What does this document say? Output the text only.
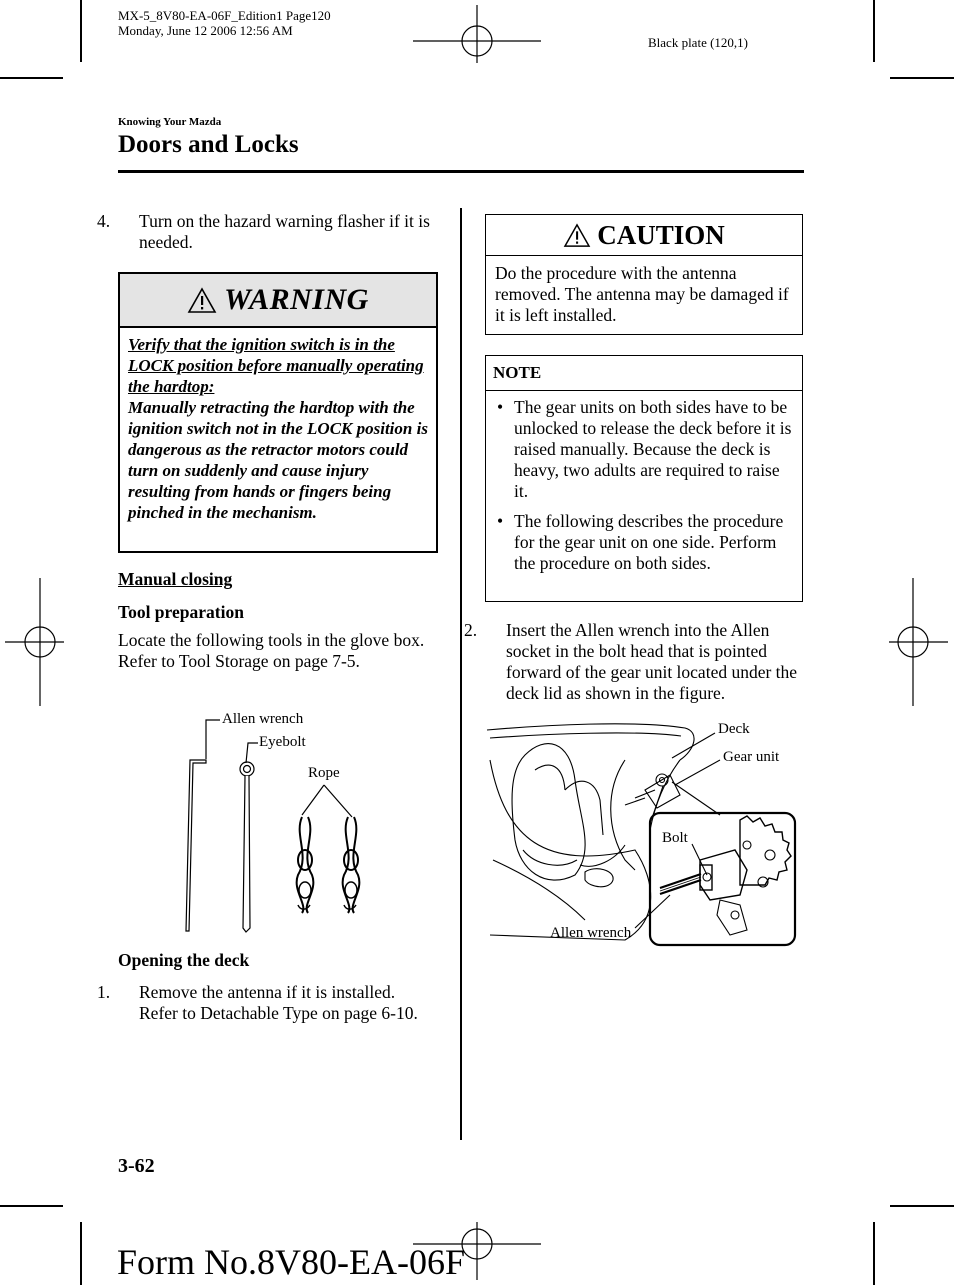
MX-5_8V80-EA-06F_Edition1 Page120
Monday, June 12 2006 12:56 AM
Black plate (120,1)
Knowing Your Mazda
Doors and Locks
4. Turn on the hazard warning flasher if it is needed.
WARNING
Verify that the ignition switch is in the LOCK position before manually operating the hardtop:
Manually retracting the hardtop with the ignition switch not in the LOCK position is dangerous as the retractor motors could turn on suddenly and cause injury resulting from hands or fingers being pinched in the mechanism.
Manual closing
Tool preparation
Locate the following tools in the glove box.
Refer to Tool Storage on page 7-5.
Allen wrench
Eyebolt
Rope
Opening the deck
1. Remove the antenna if it is installed.
Refer to Detachable Type on page 6-10.
CAUTION
Do the procedure with the antenna removed. The antenna may be damaged if it is left installed.
NOTE
• The gear units on both sides have to be unlocked to release the deck before it is raised manually. Because the deck is heavy, two adults are required to raise it.
• The following describes the procedure for the gear unit on one side. Perform the procedure on both sides.
2. Insert the Allen wrench into the Allen socket in the bolt head that is pointed forward of the gear unit located under the deck lid as shown in the figure.
Deck
Gear unit
Bolt
Allen wrench
3-62
Form No.8V80-EA-06F
